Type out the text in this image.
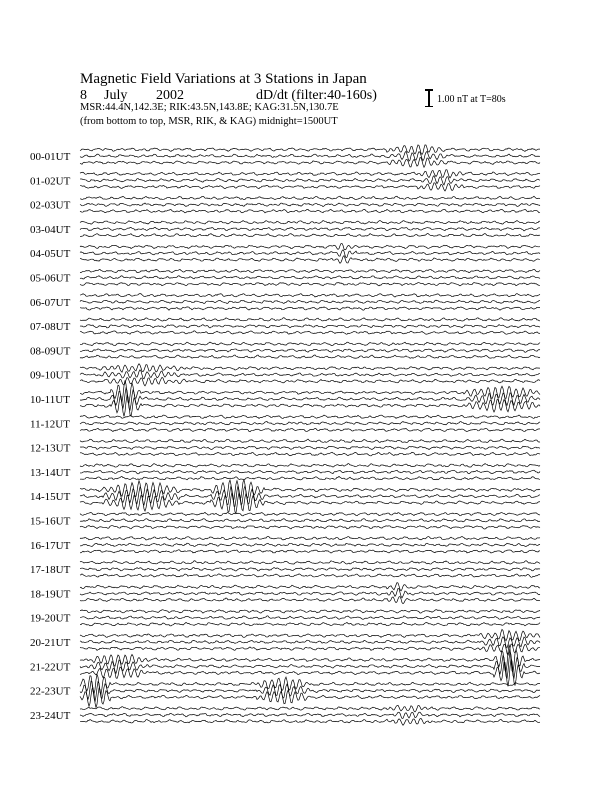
Magnetic Field Variations at 3 Stations in Japan
8 July 2002	dD/dt (filter:40-160s)
MSR:44.4N,142.3E; RIK:43.5N,143.8E; KAG:31.5N,130.7E
(from bottom to top, MSR, RIK, & KAG) midnight=1500UT
1.00 nT at T=80s
00-01UT
01-02UT
02-03UT
03-04UT
04-05UT
05-06UT
06-07UT
07-08UT
08-09UT
09-10UT
10-11UT
11-12UT
12-13UT
13-14UT
14-15UT
15-16UT
16-17UT
17-18UT
18-19UT
19-20UT
20-21UT
21-22UT
22-23UT
23-24UT
